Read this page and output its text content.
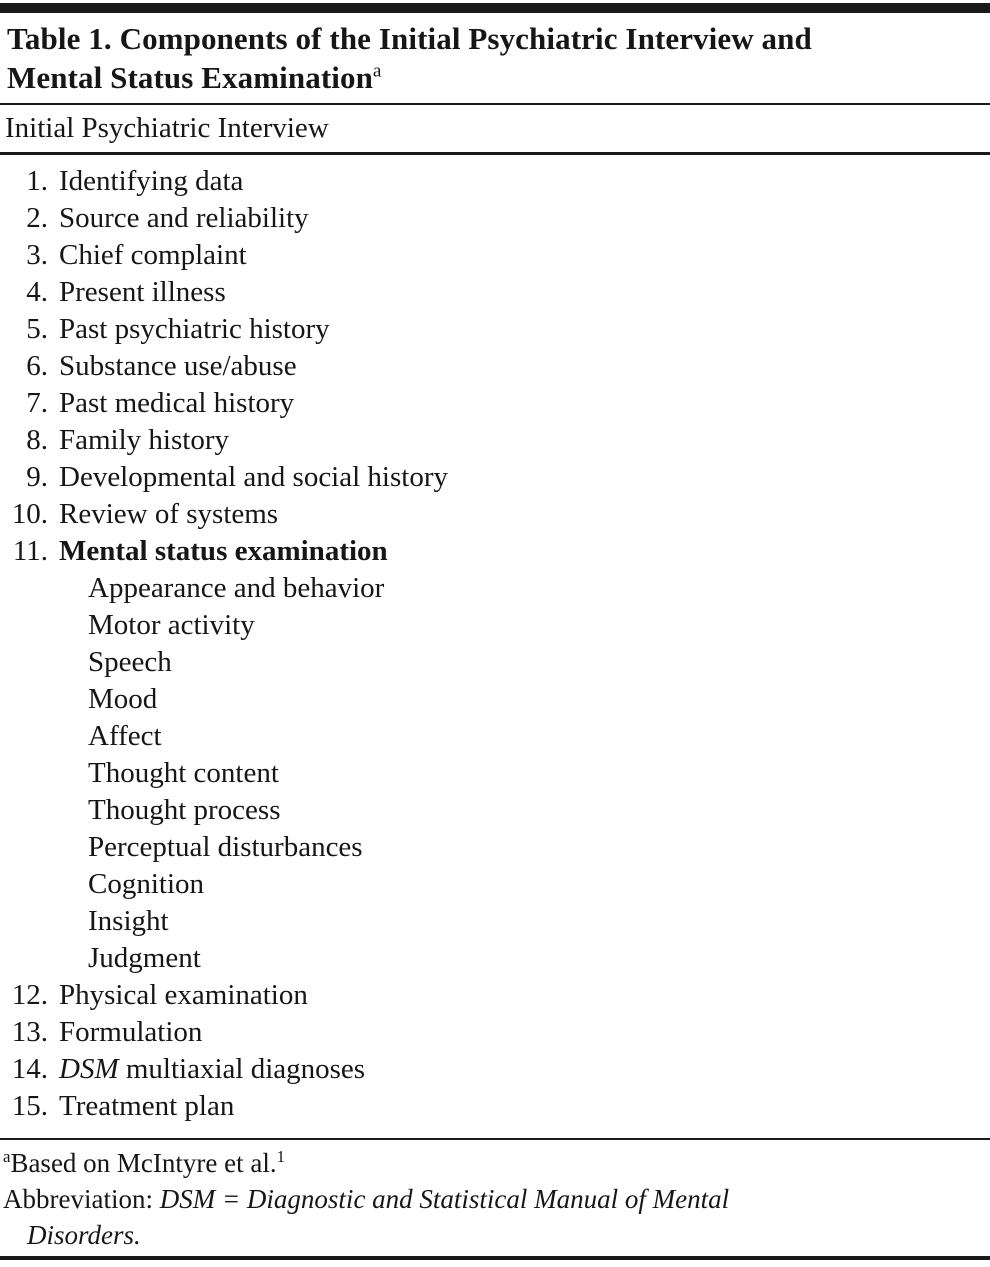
Table 1. Components of the Initial Psychiatric Interview and
Mental Status Examination$^a$
Initial Psychiatric Interview
1. Identifying data
2. Source and reliability
3. Chief complaint
4. Present illness
5. Past psychiatric history
6. Substance use/abuse
7. Past medical history
8. Family history
9. Developmental and social history
10. Review of systems
11. Mental status examination
Appearance and behavior
Motor activity
Speech
Mood
Affect
Thought content
Thought process
Perceptual disturbances
Cognition
Insight
Judgment
12. Physical examination
13. Formulation
14. DSM multiaxial diagnoses
15. Treatment plan

$^a$Based on McIntyre et al.$^1$

Abbreviation: DSM = Diagnostic and Statistical Manual of Mental
Disorders.
